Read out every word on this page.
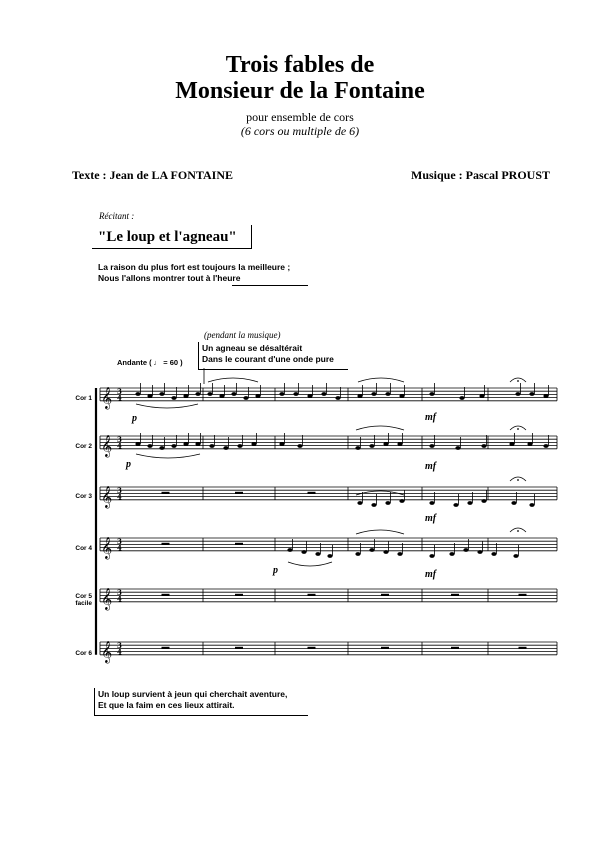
Trois fables de
Monsieur de la Fontaine
pour ensemble de cors
(6 cors ou multiple de 6)
Texte : Jean de LA FONTAINE	Musique : Pascal PROUST
Récitant :
"Le loup et l'agneau"
La raison du plus fort est toujours la meilleure ;
Nous l'allons montrer tout à l'heure
(pendant la musique)
Un agneau se désaltérait
Dans le courant d'une onde pure
Andante ( ♩ = 60 )
Cor 1
Cor 2
Cor 3
Cor 4
Cor 5
facile
Cor 6
𝄞 3
4
𝄞 3
4
𝄞 3
4
𝄞 3
4
𝄞 3
4
𝄞 3
4
p
p
p
mf
mf
mf
mf
Un loup survient à jeun qui cherchait aventure,
Et que la faim en ces lieux attirait.
